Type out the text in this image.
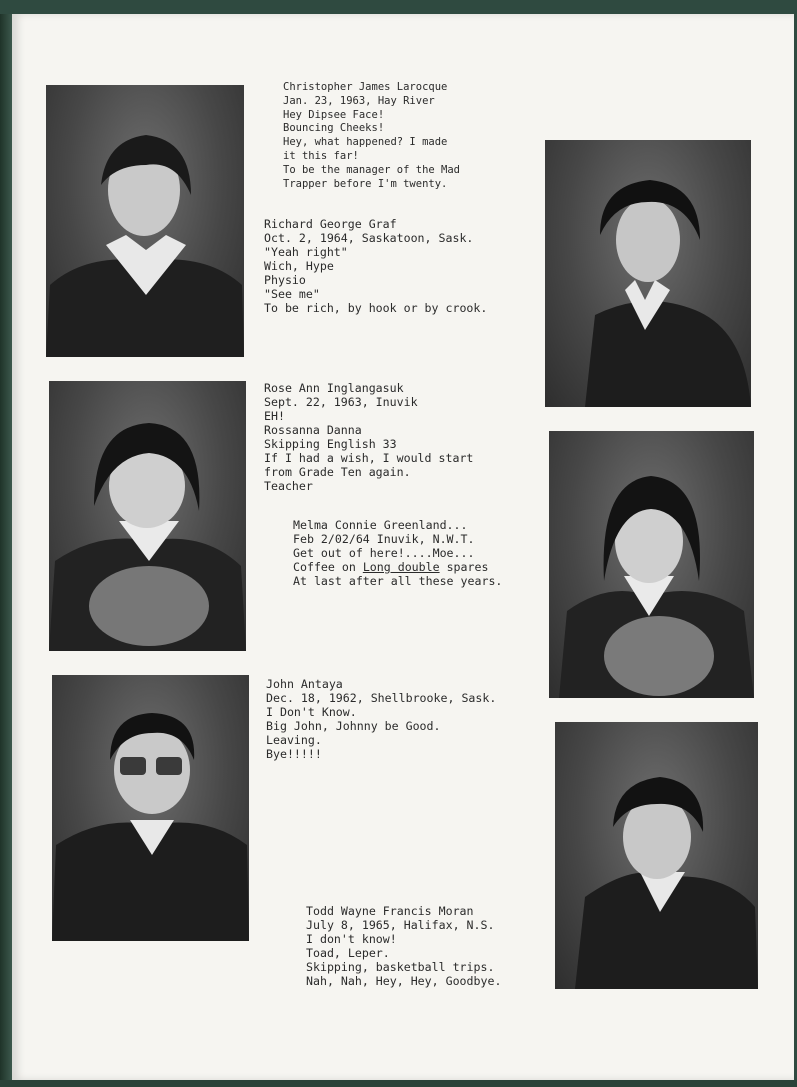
Christopher James Larocque
Jan. 23, 1963, Hay River
Hey Dipsee Face!
Bouncing Cheeks!
Hey, what happened? I made
it this far!
To be the manager of the Mad
Trapper before I'm twenty.
Richard George Graf
Oct. 2, 1964, Saskatoon, Sask.
"Yeah right"
Wich, Hype
Physio
"See me"
To be rich, by hook or by crook.
Rose Ann Inglangasuk
Sept. 22, 1963, Inuvik
EH!
Rossanna Danna
Skipping English 33
If I had a wish, I would start
from Grade Ten again.
Teacher
Melma Connie Greenland...
Feb 2/02/64 Inuvik, N.W.T.
Get out of here!....Moe...
Coffee on Long double spares
At last after all these years.
John Antaya
Dec. 18, 1962, Shellbrooke, Sask.
I Don't Know.
Big John, Johnny be Good.
Leaving.
Bye!!!!!
Todd Wayne Francis Moran
July 8, 1965, Halifax, N.S.
I don't know!
Toad, Leper.
Skipping, basketball trips.
Nah, Nah, Hey, Hey, Goodbye.
